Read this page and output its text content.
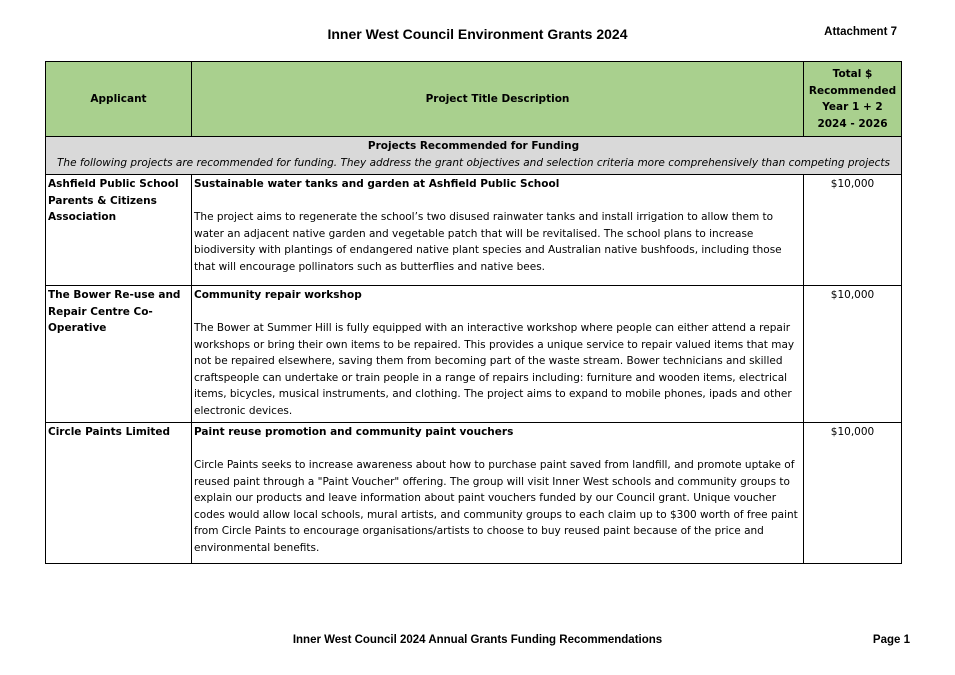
Inner West Council Environment Grants 2024	Attachment 7
Applicant	Project Title Description	Total $
Recommended
Year 1 + 2
2024 - 2026

Projects Recommended for Funding
The following projects are recommended for funding. They address the grant objectives and selection criteria more comprehensively than competing projects		

Ashfield Public School Parents & Citizens Association	Sustainable water tanks and garden at Ashfield Public School
The project aims to regenerate the school’s two disused rainwater tanks and install irrigation to allow them to water an adjacent native garden and vegetable patch that will be revitalised. The school plans to increase biodiversity with plantings of endangered native plant species and Australian native bushfoods, including those that will encourage pollinators such as butterflies and native bees.	$10,000
The Bower Re-use and Repair Centre Co-Operative	Community repair workshop
The Bower at Summer Hill is fully equipped with an interactive workshop where people can either attend a repair workshops or bring their own items to be repaired. This provides a unique service to repair valued items that may not be repaired elsewhere, saving them from becoming part of the waste stream. Bower technicians and skilled craftspeople can undertake or train people in a range of repairs including: furniture and wooden items, electrical items, bicycles, musical instruments, and clothing. The project aims to expand to mobile phones, ipads and other electronic devices.	$10,000
Circle Paints Limited	Paint reuse promotion and community paint vouchers
Circle Paints seeks to increase awareness about how to purchase paint saved from landfill, and promote uptake of reused paint through a "Paint Voucher" offering. The group will visit Inner West schools and community groups to explain our products and leave information about paint vouchers funded by our Council grant. Unique voucher codes would allow local schools, mural artists, and community groups to each claim up to $300 worth of free paint from Circle Paints to encourage organisations/artists to choose to buy reused paint because of the price and environmental benefits.	$10,000
Inner West Council 2024 Annual Grants Funding Recommendations	Page 1
